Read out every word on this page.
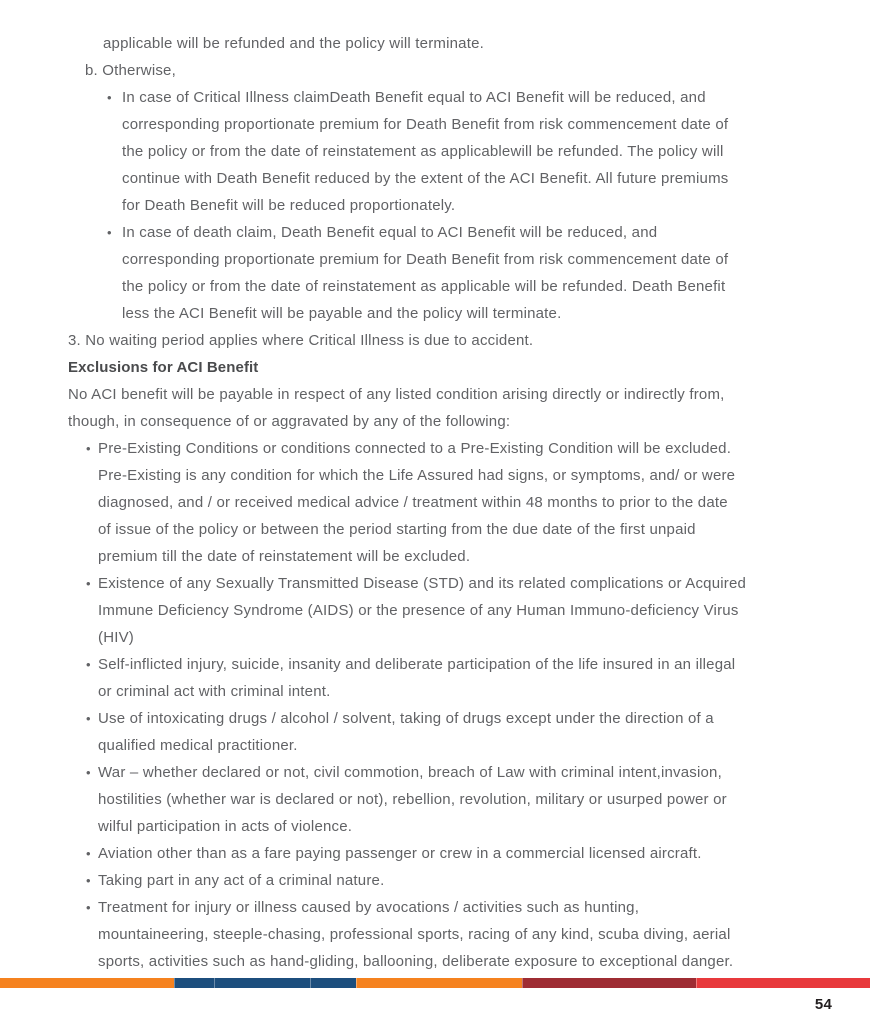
applicable will be refunded and the policy will terminate.
b. Otherwise,
• In case of Critical Illness claimDeath Benefit equal to ACI Benefit will be reduced, and
corresponding proportionate premium for Death Benefit from risk commencement date of
the policy or from the date of reinstatement as applicablewill be refunded. The policy will
continue with Death Benefit reduced by the extent of the ACI Benefit. All future premiums
for Death Benefit will be reduced proportionately.
• In case of death claim, Death Benefit equal to ACI Benefit will be reduced, and
corresponding proportionate premium for Death Benefit from risk commencement date of
the policy or from the date of reinstatement as applicable will be refunded. Death Benefit
less the ACI Benefit will be payable and the policy will terminate.
3. No waiting period applies where Critical Illness is due to accident.
Exclusions for ACI Benefit
No ACI benefit will be payable in respect of any listed condition arising directly or indirectly from,
though, in consequence of or aggravated by any of the following:
• Pre-Existing Conditions or conditions connected to a Pre-Existing Condition will be excluded.
Pre-Existing is any condition for which the Life Assured had signs, or symptoms, and/ or were
diagnosed, and / or received medical advice / treatment within 48 months to prior to the date
of issue of the policy or between the period starting from the due date of the first unpaid
premium till the date of reinstatement will be excluded.
• Existence of any Sexually Transmitted Disease (STD) and its related complications or Acquired
Immune Deficiency Syndrome (AIDS) or the presence of any Human Immuno-deficiency Virus
(HIV)
• Self-inflicted injury, suicide, insanity and deliberate participation of the life insured in an illegal
or criminal act with criminal intent.
• Use of intoxicating drugs / alcohol / solvent, taking of drugs except under the direction of a
qualified medical practitioner.
• War – whether declared or not, civil commotion, breach of Law with criminal intent,invasion,
hostilities (whether war is declared or not), rebellion, revolution, military or usurped power or
wilful participation in acts of violence.
• Aviation other than as a fare paying passenger or crew in a commercial licensed aircraft.
• Taking part in any act of a criminal nature.
• Treatment for injury or illness caused by avocations / activities such as hunting,
mountaineering, steeple-chasing, professional sports, racing of any kind, scuba diving, aerial
sports, activities such as hand-gliding, ballooning, deliberate exposure to exceptional danger.
54
